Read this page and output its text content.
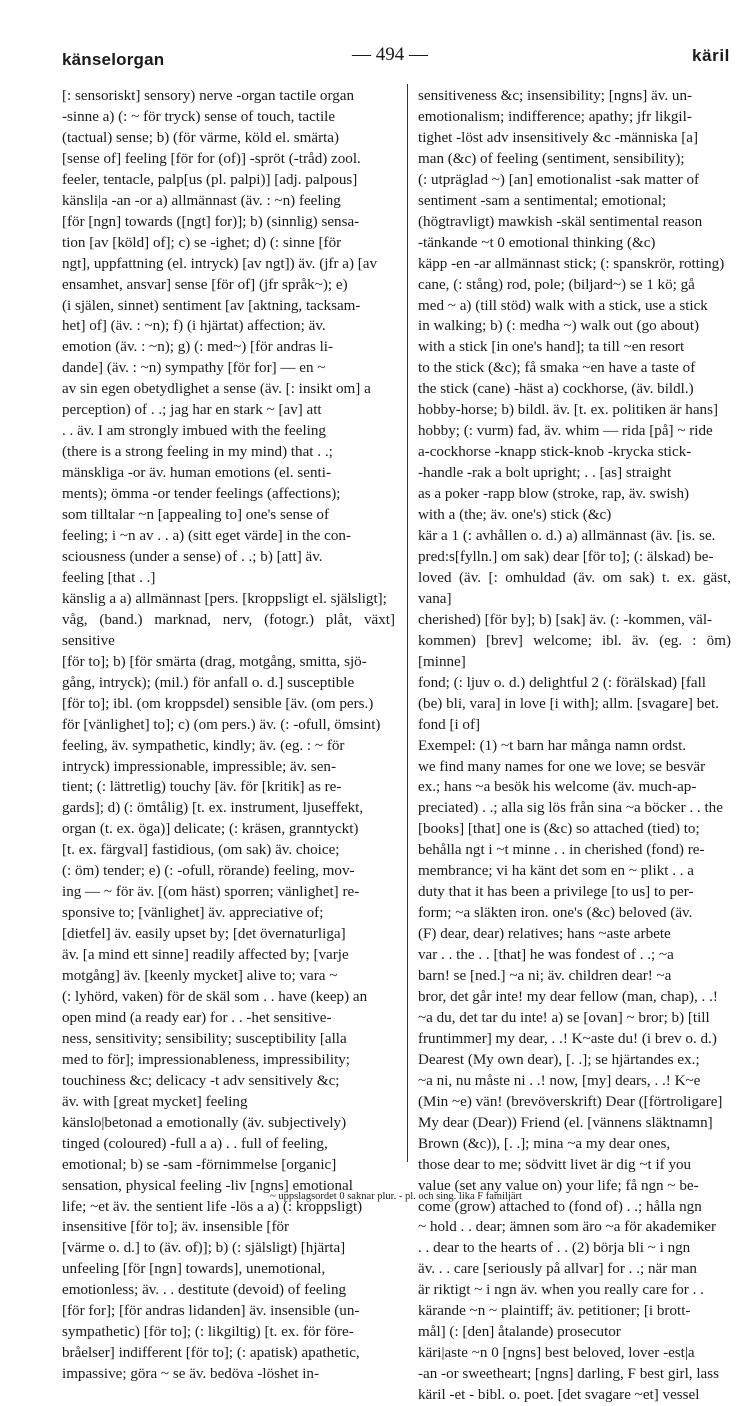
känselorgan	— 494 —	käril

[: sensoriskt] sensory) nerve -organ tactile organ

-sinne a) (: ~ för tryck) sense of touch, tactile

(tactual) sense; b) (för värme, köld el. smärta)

[sense of] feeling [för for (of)] -spröt (-tråd) zool.

feeler, tentacle, palp[us (pl. palpi)] [adj. palpous]

känsli|a -an -or a) allmännast (äv. : ~n) feeling

[för [ngn] towards ([ngt] for)]; b) (sinnlig) sensa-

tion [av [köld] of]; c) se -ighet; d) (: sinne [för

ngt], uppfattning (el. intryck) [av ngt]) äv. (jfr a) [av

ensamhet, ansvar] sense [för of] (jfr språk~); e)

(i själen, sinnet) sentiment [av [aktning, tacksam-

het] of] (äv. : ~n); f) (i hjärtat) affection; äv.

emotion (äv. : ~n); g) (: med~) [för andras li-

dande] (äv. : ~n) sympathy [för for] — en ~

av sin egen obetydlighet a sense (äv. [: insikt om] a

perception) of . .; jag har en stark ~ [av] att

. . äv. I am strongly imbued with the feeling

(there is a strong feeling in my mind) that . .;

mänskliga -or äv. human emotions (el. senti-

ments); ömma -or tender feelings (affections);

som tilltalar ~n [appealing to] one's sense of

feeling; i ~n av . . a) (sitt eget värde] in the con-

sciousness (under a sense) of . .; b) [att] äv.

feeling [that . .]

känslig a a) allmännast [pers. [kroppsligt el. själsligt];

våg, (band.) marknad, nerv, (fotogr.) plåt, växt] sensitive

[för to]; b) [för smärta (drag, motgång, smitta, sjö-

gång, intryck); (mil.) för anfall o. d.] susceptible

[för to]; ibl. (om kroppsdel) sensible [äv. (om pers.)

för [vänlighet] to]; c) (om pers.) äv. (: -ofull, ömsint)

feeling, äv. sympathetic, kindly; äv. (eg. : ~ för

intryck) impressionable, impressible; äv. sen-

tient; (: lättretlig) touchy [äv. för [kritik] as re-

gards]; d) (: ömtålig) [t. ex. instrument, ljuseffekt,

organ (t. ex. öga)] delicate; (: kräsen, granntyckt)

[t. ex. färgval] fastidious, (om sak) äv. choice;

(: öm) tender; e) (: -ofull, rörande) feeling, mov-

ing — ~ för äv. [(om häst) sporren; vänlighet] re-

sponsive to; [vänlighet] äv. appreciative of;

[dietfel] äv. easily upset by; [det övernaturliga]

äv. [a mind ett sinne] readily affected by; [varje

motgång] äv. [keenly mycket] alive to; vara ~

(: lyhörd, vaken) för de skäl som . . have (keep) an

open mind (a ready ear) for . . -het sensitive-

ness, sensitivity; sensibility; susceptibility [alla

med to för]; impressionableness, impressibility;

touchiness &c; delicacy -t adv sensitively &c;

äv. with [great mycket] feeling

känslo|betonad a emotionally (äv. subjectively)

tinged (coloured) -full a a) . . full of feeling,

emotional; b) se -sam -förnimmelse [organic]

sensation, physical feeling -liv [ngns] emotional

life; ~et äv. the sentient life -lös a a) (: kroppsligt)

insensitive [för to]; äv. insensible [för

[värme o. d.] to (äv. of)]; b) (: själsligt) [hjärta]

unfeeling [för [ngn] towards], unemotional,

emotionless; äv. . . destitute (devoid) of feeling

[för for]; [för andras lidanden] äv. insensible (un-

sympathetic) [för to]; (: likgiltig) [t. ex. för före-

bråelser] indifferent [för to]; (: apatisk) apathetic,

impassive; göra ~ se äv. bedöva -löshet in-

sensitiveness &c; insensibility; [ngns] äv. un-

emotionalism; indifference; apathy; jfr likgil-

tighet -löst adv insensitively &c -människa [a]

man (&c) of feeling (sentiment, sensibility);

(: utpräglad ~) [an] emotionalist -sak matter of

sentiment -sam a sentimental; emotional;

(högtravligt) mawkish -skäl sentimental reason

-tänkande ~t 0 emotional thinking (&c)

käpp -en -ar allmännast stick; (: spanskrör, rotting)

cane, (: stång) rod, pole; (biljard~) se 1 kö; gå

med ~ a) (till stöd) walk with a stick, use a stick

in walking; b) (: medha ~) walk out (go about)

with a stick [in one's hand]; ta till ~en resort

to the stick (&c); få smaka ~en have a taste of

the stick (cane) -häst a) cockhorse, (äv. bildl.)

hobby-horse; b) bildl. äv. [t. ex. politiken är hans]

hobby; (: vurm) fad, äv. whim — rida [på] ~ ride

a-cockhorse -knapp stick-knob -krycka stick-

-handle -rak a bolt upright; . . [as] straight

as a poker -rapp blow (stroke, rap, äv. swish)

with a (the; äv. one's) stick (&c)

kär a 1 (: avhållen o. d.) a) allmännast (äv. [is. se.

pred:s[fylln.] om sak) dear [för to]; (: älskad) be-

loved (äv. [: omhuldad (äv. om sak) t. ex. gäst, vana]

cherished) [för by]; b) [sak] äv. (: -kommen, väl-

kommen) [brev] welcome; ibl. äv. (eg. : öm) [minne]

fond; (: ljuv o. d.) delightful 2 (: förälskad) [fall

(be) bli, vara] in love [i with]; allm. [svagare] bet.

fond [i of]

Exempel: (1) ~t barn har många namn ordst.

we find many names for one we love; se besvär

ex.; hans ~a besök his welcome (äv. much-ap-

preciated) . .; alla sig lös från sina ~a böcker . . the

[books] [that] one is (&c) so attached (tied) to;

behålla ngt i ~t minne . . in cherished (fond) re-

membrance; vi ha känt det som en ~ plikt . . a

duty that it has been a privilege [to us] to per-

form; ~a släkten iron. one's (&c) beloved (äv.

(F) dear, dear) relatives; hans ~aste arbete

var . . the . . [that] he was fondest of . .; ~a

barn! se [ned.] ~a ni; äv. children dear! ~a

bror, det går inte! my dear fellow (man, chap), . .!

~a du, det tar du inte! a) se [ovan] ~ bror; b) [till

fruntimmer] my dear, . .! K~aste du! (i brev o. d.)

Dearest (My own dear), [. .]; se hjärtandes ex.;

~a ni, nu måste ni . .! now, [my] dears, . .! K~e

(Min ~e) vän! (brevöverskrift) Dear ([förtroligare]

My dear (Dear)) Friend (el. [vännens släktnamn]

Brown (&c)), [. .]; mina ~a my dear ones,

those dear to me; södvitt livet är dig ~t if you

value (set any value on) your life; få ngn ~ be-

come (grow) attached to (fond of) . .; hålla ngn

~ hold . . dear; ämnen som äro ~a för akademiker

. . dear to the hearts of . . (2) börja bli ~ i ngn

äv. . . care [seriously på allvar] for . .; när man

är riktigt ~ i ngn äv. when you really care for . .

kärande ~n ~ plaintiff; äv. petitioner; [i brott-

mål] (: [den] åtalande) prosecutor

käri|aste ~n 0 [ngns] best beloved, lover -est|a

-an -or sweetheart; [ngns] darling, F best girl, lass

käril -et - bibl. o. poet. [det svagare ~et] vessel

~ uppslagsordet 0 saknar plur. - pl. och sing. lika F familjärt
